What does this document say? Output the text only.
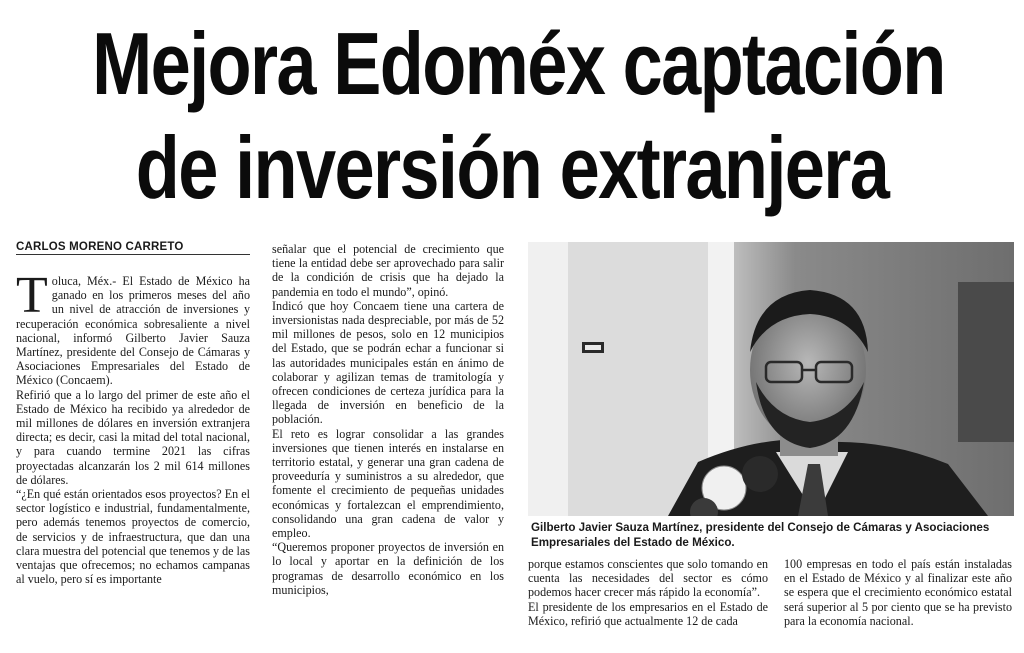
Mejora Edoméx captación
de inversión extranjera
CARLOS MORENO CARRETO

Toluca, Méx.- El Estado de México ha ganado en los primeros meses del año un nivel de atracción de inversiones y recuperación económica sobresaliente a nivel nacional, informó Gilberto Javier Sauza Martínez, presidente del Consejo de Cámaras y Asociaciones Empresariales del Estado de México (Concaem).

Refirió que a lo largo del primer de este año el Estado de México ha recibido ya alrededor de mil millones de dólares en inversión extranjera directa; es decir, casi la mitad del total nacional, y para cuando termine 2021 las cifras proyectadas alcanzarán los 2 mil 614 millones de dólares.

“¿En qué están orientados esos proyectos? En el sector logístico e industrial, fundamentalmente, pero además tenemos proyectos de comercio, de servicios y de infraestructura, que dan una clara muestra del potencial que tenemos y de las ventajas que ofrecemos; no echamos campanas al vuelo, pero sí es importante

señalar que el potencial de crecimiento que tiene la entidad debe ser aprovechado para salir de la condición de crisis que ha dejado la pandemia en todo el mundo”, opinó.

Indicó que hoy Concaem tiene una cartera de inversionistas nada despreciable, por más de 52 mil millones de pesos, solo en 12 municipios del Estado, que se podrán echar a funcionar si las autoridades municipales están en ánimo de colaborar y agilizan temas de tramitología y ofrecen condiciones de certeza jurídica para la llegada de inversión en beneficio de la población.

El reto es lograr consolidar a las grandes inversiones que tienen interés en instalarse en territorio estatal, y generar una gran cadena de proveeduría y suministros a su alrededor, que fomente el crecimiento de pequeñas unidades económicas y fortalezcan el emprendimiento, consolidando una gran cadena de valor y empleo.

“Queremos proponer proyectos de inversión en lo local y aportar en la definición de los programas de desarrollo económico en los municipios,

Gilberto Javier Sauza Martínez, presidente del Consejo de Cámaras y Asociaciones Empresariales del Estado de México.

porque estamos conscientes que solo tomando en cuenta las necesidades del sector es cómo podemos hacer crecer más rápido la economía”.

El presidente de los empresarios en el Estado de México, refirió que actualmente 12 de cada

100 empresas en todo el país están instaladas en el Estado de México y al finalizar este año se espera que el crecimiento económico estatal será superior al 5 por ciento que se ha previsto para la economía nacional.
